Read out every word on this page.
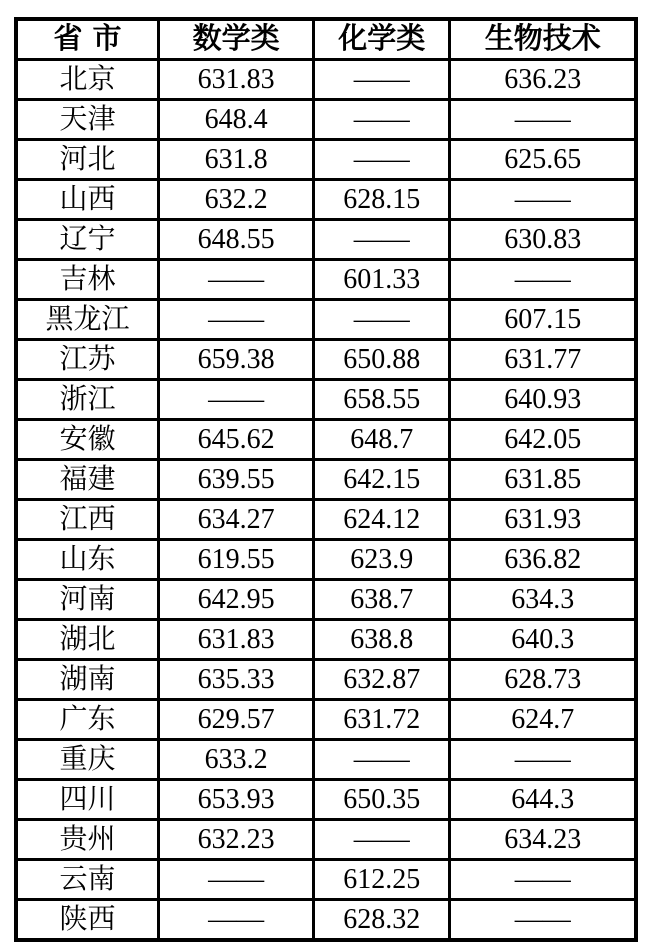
省市	数学类	化学类	生物技术
北京	631.83	——	636.23
天津	648.4	——	——
河北	631.8	——	625.65
山西	632.2	628.15	——
辽宁	648.55	——	630.83
吉林	——	601.33	——
黑龙江	——	——	607.15
江苏	659.38	650.88	631.77
浙江	——	658.55	640.93
安徽	645.62	648.7	642.05
福建	639.55	642.15	631.85
江西	634.27	624.12	631.93
山东	619.55	623.9	636.82
河南	642.95	638.7	634.3
湖北	631.83	638.8	640.3
湖南	635.33	632.87	628.73
广东	629.57	631.72	624.7
重庆	633.2	——	——
四川	653.93	650.35	644.3
贵州	632.23	——	634.23
云南	——	612.25	——
陕西	——	628.32	——
